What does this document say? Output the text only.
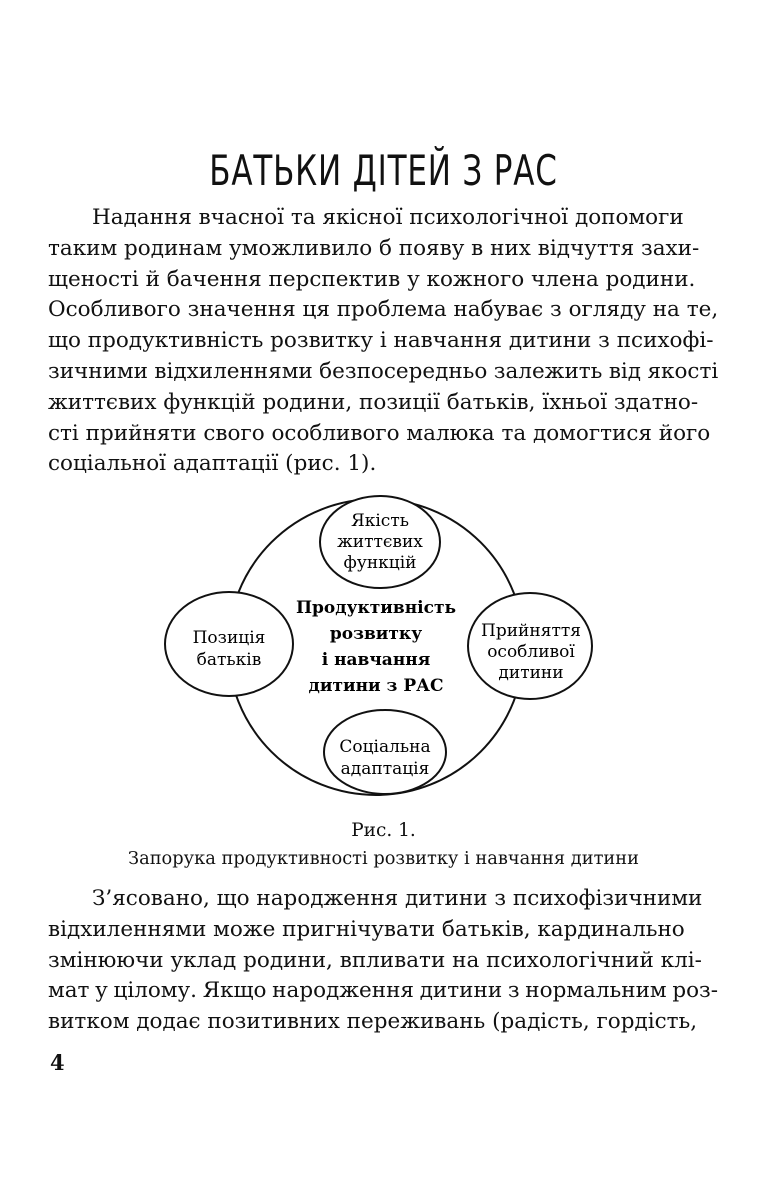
БАТЬКИ ДІТЕЙ З РАС
Надання вчасної та якісної психологічної допомоги
таким родинам уможливило б появу в них відчуття захи-
щеності й бачення перспектив у кожного члена родини.
Особливого значення ця проблема набуває з огляду на те,
що продуктивність розвитку і навчання дитини з психофі-
зичними відхиленнями безпосередньо залежить від якості
життєвих функцій родини, позиції батьків, їхньої здатно-
сті прийняти свого особливого малюка та домогтися його
соціальної адаптації (рис. 1).
Продуктивність
розвитку
і навчання
дитини з РАС
Якість
життєвих
функцій
Позиція
батьків
Прийняття
особливої
дитини
Соціальна
адаптація
Рис. 1.
Запорука продуктивності розвитку і навчання дитини
З’ясовано, що народження дитини з психофізичними
відхиленнями може пригнічувати батьків, кардинально
змінюючи уклад родини, впливати на психологічний клі-
мат у цілому. Якщо народження дитини з нормальним роз-
витком додає позитивних переживань (радість, гордість,
4
